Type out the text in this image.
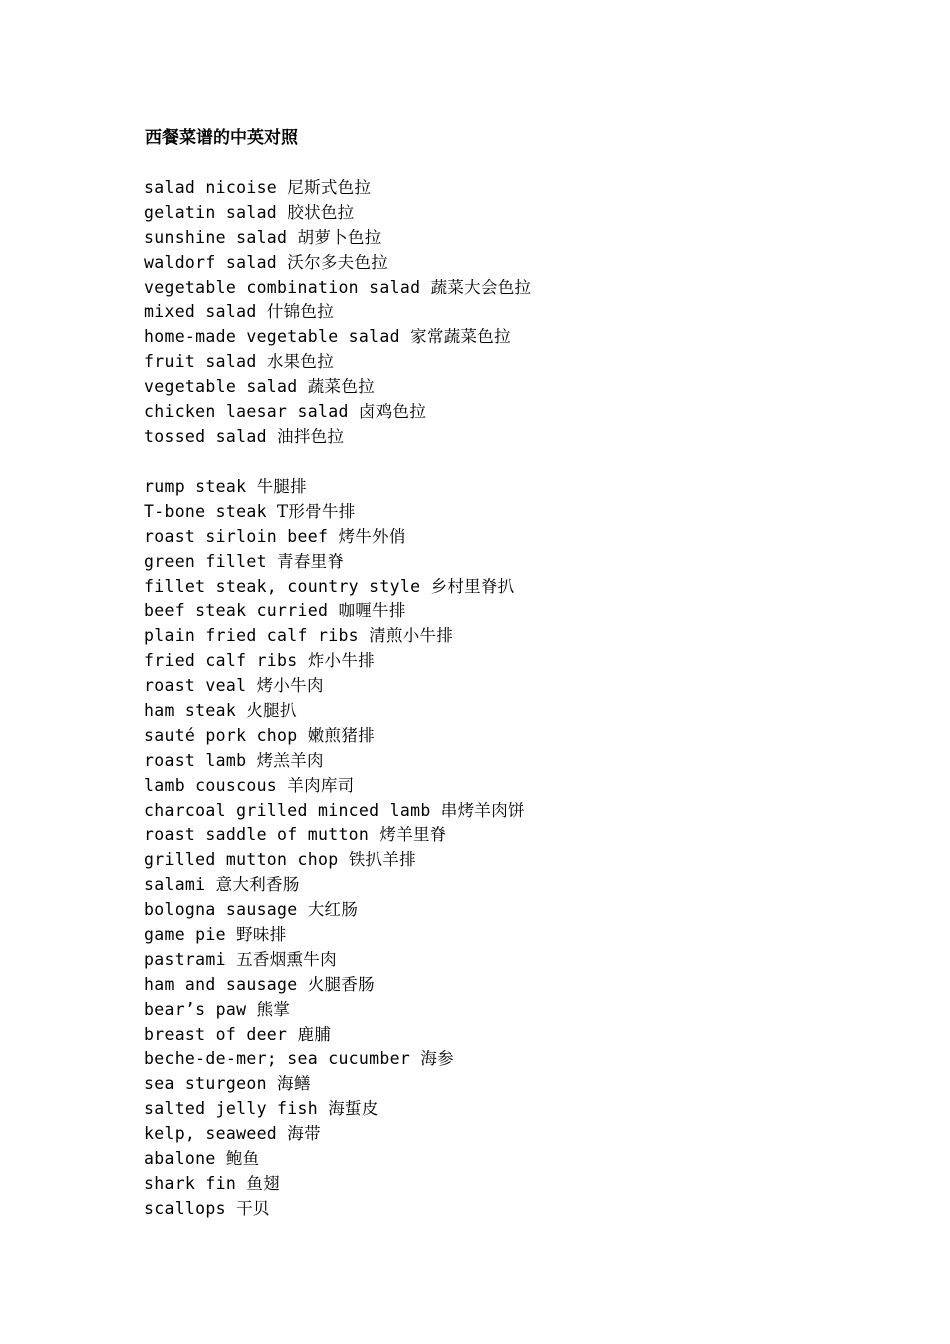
西餐菜谱的中英对照
salad nicoise 尼斯式色拉
gelatin salad 胶状色拉
sunshine salad 胡萝卜色拉
waldorf salad 沃尔多夫色拉
vegetable combination salad 蔬菜大会色拉
mixed salad 什锦色拉
home-made vegetable salad 家常蔬菜色拉
fruit salad 水果色拉
vegetable salad 蔬菜色拉
chicken laesar salad 卤鸡色拉
tossed salad 油拌色拉
rump steak 牛腿排
T-bone steak T形骨牛排
roast sirloin beef 烤牛外俏
green fillet 青春里脊
fillet steak, country style 乡村里脊扒
beef steak curried 咖喱牛排
plain fried calf ribs 清煎小牛排
fried calf ribs 炸小牛排
roast veal 烤小牛肉
ham steak 火腿扒
sauté pork chop 嫩煎猪排
roast lamb 烤羔羊肉
lamb couscous 羊肉库司
charcoal grilled minced lamb 串烤羊肉饼
roast saddle of mutton 烤羊里脊
grilled mutton chop 铁扒羊排
salami 意大利香肠
bologna sausage 大红肠
game pie 野味排
pastrami 五香烟熏牛肉
ham and sausage 火腿香肠
bear’s paw 熊掌
breast of deer 鹿脯
beche-de-mer; sea cucumber 海参
sea sturgeon 海鳝
salted jelly fish 海蜇皮
kelp, seaweed 海带
abalone 鲍鱼
shark fin 鱼翅
scallops 干贝
